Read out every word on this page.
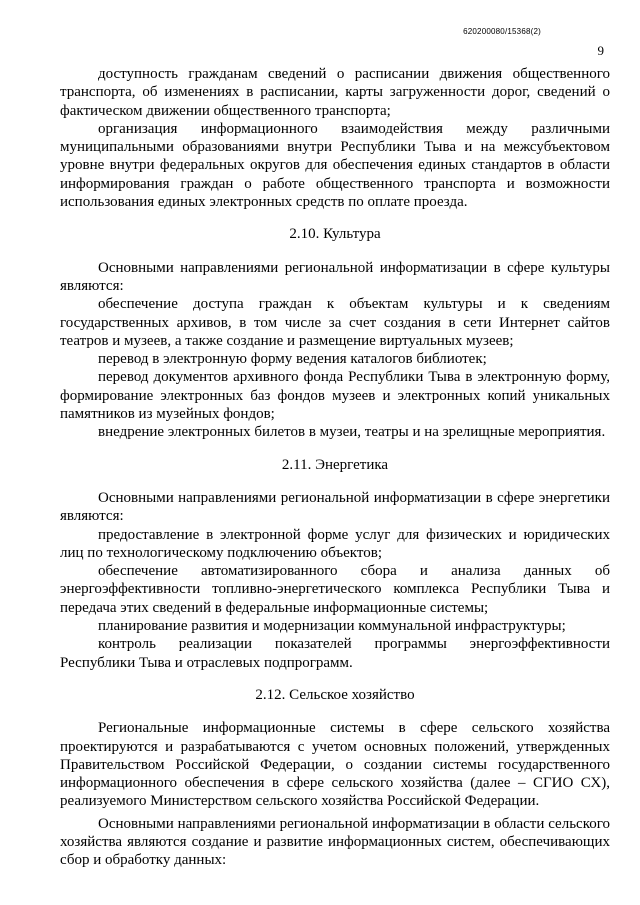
620200080/15368(2)
9

доступность гражданам сведений о расписании движения общественного транспорта, об изменениях в расписании, карты загруженности дорог, сведений о фактическом движении общественного транспорта;

организация информационного взаимодействия между различными муниципальными образованиями внутри Республики Тыва и на межсубъектовом уровне внутри федеральных округов для обеспечения единых стандартов в области информирования граждан о работе общественного транспорта и возможности использования единых электронных средств по оплате проезда.

2.10. Культура

Основными направлениями региональной информатизации в сфере культуры являются:

обеспечение доступа граждан к объектам культуры и к сведениям государственных архивов, в том числе за счет создания в сети Интернет сайтов театров и музеев, а также создание и размещение виртуальных музеев;

перевод в электронную форму ведения каталогов библиотек;

перевод документов архивного фонда Республики Тыва в электронную форму, формирование электронных баз фондов музеев и электронных копий уникальных памятников из музейных фондов;

внедрение электронных билетов в музеи, театры и на зрелищные мероприятия.

2.11. Энергетика

Основными направлениями региональной информатизации в сфере энергетики являются:

предоставление в электронной форме услуг для физических и юридических лиц по технологическому подключению объектов;

обеспечение автоматизированного сбора и анализа данных об энергоэффективности топливно-энергетического комплекса Республики Тыва и передача этих сведений в федеральные информационные системы;

планирование развития и модернизации коммунальной инфраструктуры;

контроль реализации показателей программы энергоэффективности Республики Тыва и отраслевых подпрограмм.

2.12. Сельское хозяйство

Региональные информационные системы в сфере сельского хозяйства проектируются и разрабатываются с учетом основных положений, утвержденных Правительством Российской Федерации, о создании системы государственного информационного обеспечения в сфере сельского хозяйства (далее – СГИО СХ), реализуемого Министерством сельского хозяйства Российской Федерации.

Основными направлениями региональной информатизации в области сельского хозяйства являются создание и развитие информационных систем, обеспечивающих сбор и обработку данных:
